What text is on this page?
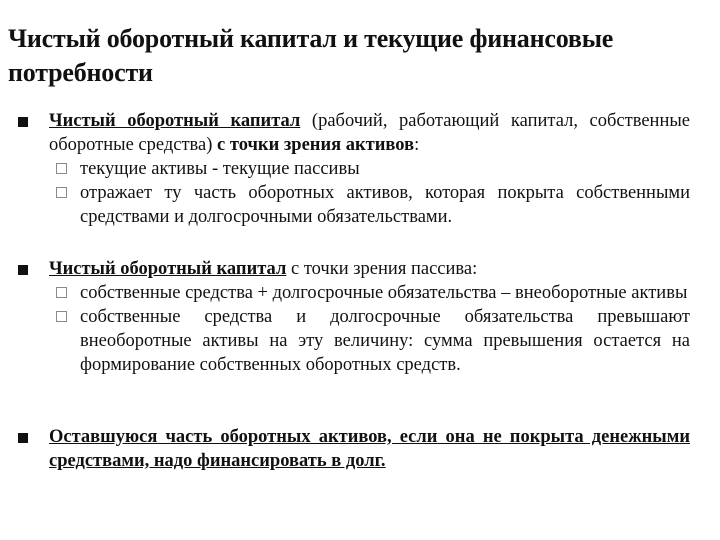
Чистый оборотный капитал и текущие финансовые потребности
Чистый оборотный капитал (рабочий, работающий капитал, собственные оборотные средства) с точки зрения активов:
текущие активы - текущие пассивы
отражает ту часть оборотных активов, которая покрыта собственными средствами и долгосрочными обязательствами.
Чистый оборотный капитал с точки зрения пассива:
собственные средства + долгосрочные обязательства – внеоборотные активы
собственные средства и долгосрочные обязательства превышают внеоборотные активы на эту величину: сумма превышения остается на формирование собственных оборотных средств.
Оставшуюся часть оборотных активов, если она не покрыта денежными средствами, надо финансировать в долг.
